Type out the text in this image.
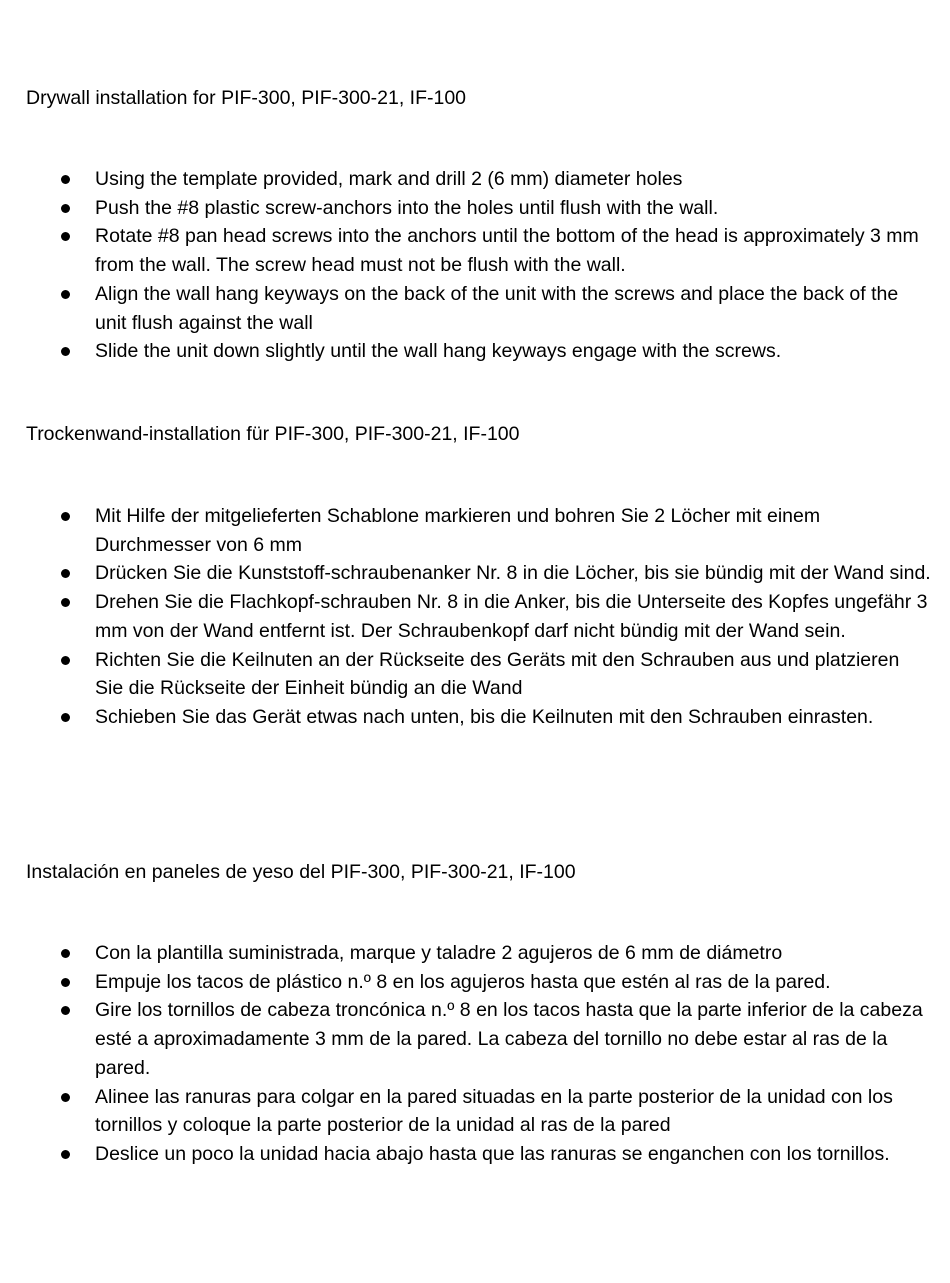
Drywall installation for PIF-300, PIF-300-21, IF-100
Using the template provided, mark and drill 2 (6 mm) diameter holes
Push the #8 plastic screw-anchors into the holes until flush with the wall.
Rotate #8 pan head screws into the anchors until the bottom of the head is approximately 3 mm from the wall. The screw head must not be flush with the wall.
Align the wall hang keyways on the back of the unit with the screws and place the back of the unit flush against the wall
Slide the unit down slightly until the wall hang keyways engage with the screws.
Trockenwand-installation für PIF-300, PIF-300-21, IF-100
Mit Hilfe der mitgelieferten Schablone markieren und bohren Sie 2 Löcher mit einem Durchmesser von 6 mm
Drücken Sie die Kunststoff-schraubenanker Nr. 8 in die Löcher, bis sie bündig mit der Wand sind.
Drehen Sie die Flachkopf-schrauben Nr. 8 in die Anker, bis die Unterseite des Kopfes ungefähr 3 mm von der Wand entfernt ist. Der Schraubenkopf darf nicht bündig mit der Wand sein.
Richten Sie die Keilnuten an der Rückseite des Geräts mit den Schrauben aus und platzieren Sie die Rückseite der Einheit bündig an die Wand
Schieben Sie das Gerät etwas nach unten, bis die Keilnuten mit den Schrauben einrasten.
Instalación en paneles de yeso del PIF-300, PIF-300-21, IF-100
Con la plantilla suministrada, marque y taladre 2 agujeros de 6 mm de diámetro
Empuje los tacos de plástico n.º 8 en los agujeros hasta que estén al ras de la pared.
Gire los tornillos de cabeza troncónica n.º 8 en los tacos hasta que la parte inferior de la cabeza esté a aproximadamente 3 mm de la pared. La cabeza del tornillo no debe estar al ras de la pared.
Alinee las ranuras para colgar en la pared situadas en la parte posterior de la unidad con los tornillos y coloque la parte posterior de la unidad al ras de la pared
Deslice un poco la unidad hacia abajo hasta que las ranuras se enganchen con los tornillos.
